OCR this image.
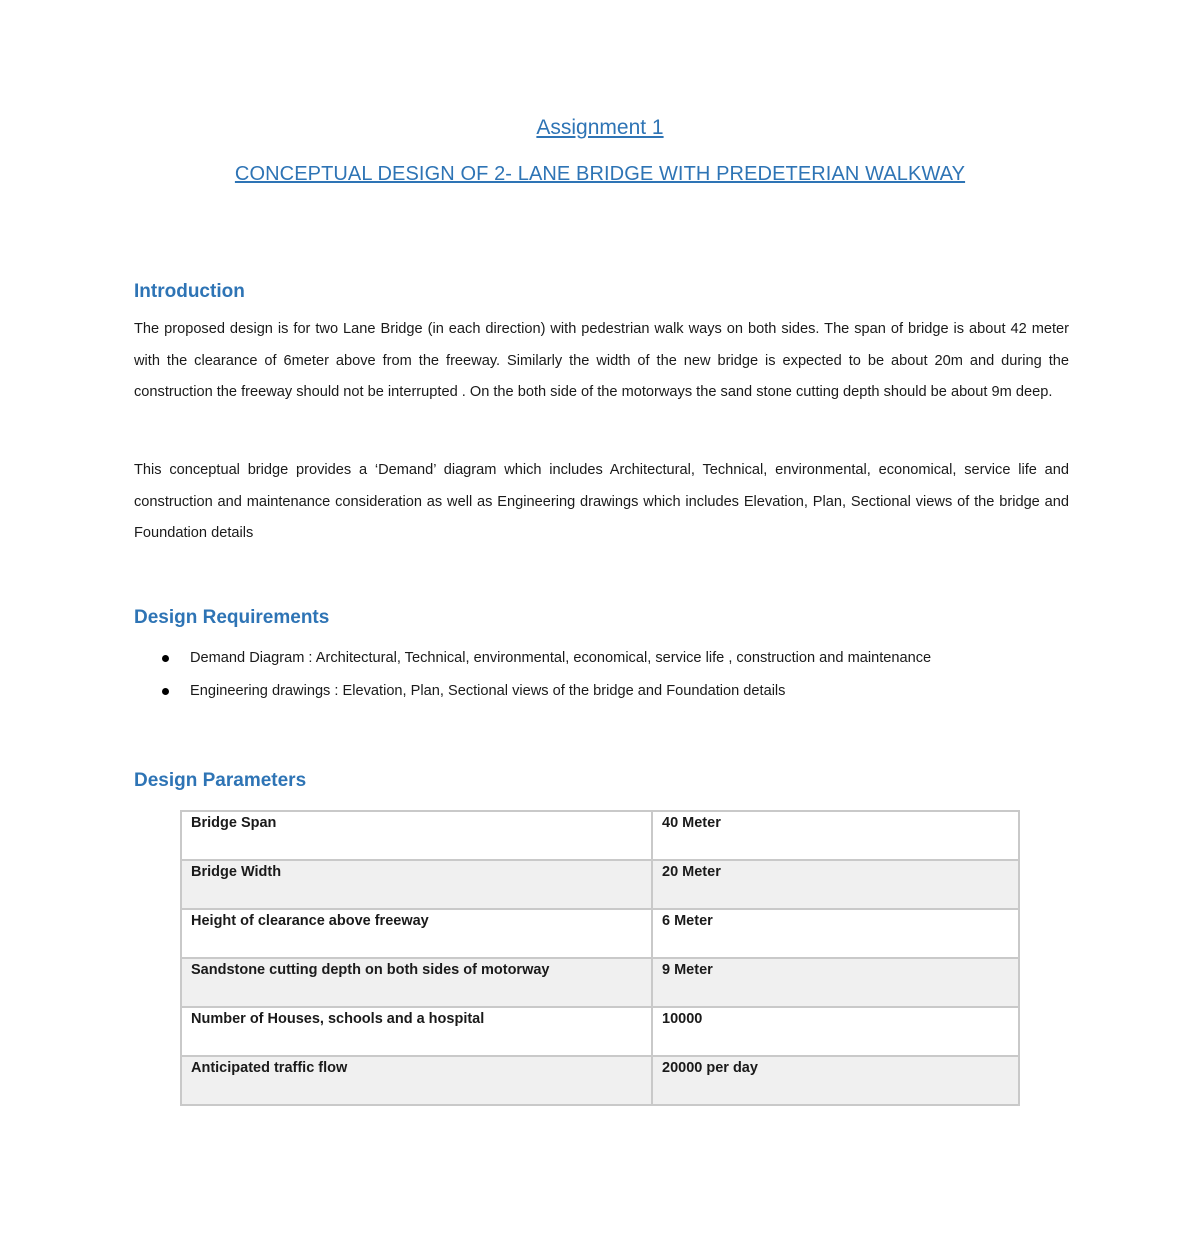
Assignment 1
CONCEPTUAL DESIGN OF 2- LANE BRIDGE WITH PREDETERIAN WALKWAY
Introduction
The proposed design is for two Lane Bridge (in each direction) with pedestrian walk ways on both sides. The span of bridge is about 42 meter with the clearance of 6meter above from the freeway. Similarly the width of the new bridge is expected to be about 20m and during the construction the freeway should not be interrupted . On the both side of the motorways the sand stone cutting depth should be about 9m deep.
This conceptual bridge provides a ‘Demand’ diagram which includes Architectural, Technical, environmental, economical, service life and construction and maintenance consideration as well as Engineering drawings which includes Elevation, Plan, Sectional views of the bridge and Foundation details
Design Requirements
Demand Diagram : Architectural, Technical, environmental, economical, service life , construction and maintenance
Engineering drawings : Elevation, Plan, Sectional views of the bridge and Foundation details
Design Parameters
Bridge Span	40 Meter
Bridge Width	20 Meter
Height of clearance above freeway	6 Meter
Sandstone cutting depth on both sides of motorway	9 Meter
Number of Houses, schools and a hospital	10000
Anticipated traffic flow	20000 per day
